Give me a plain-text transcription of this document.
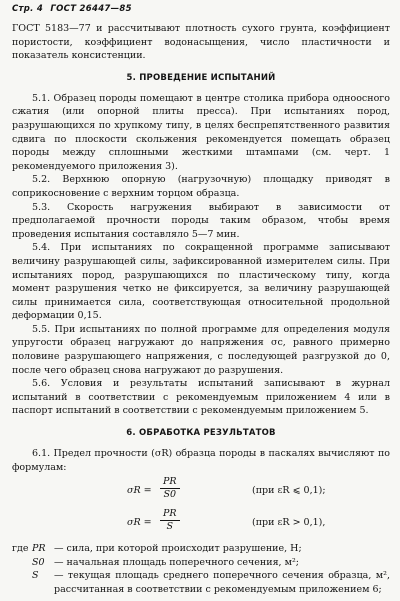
Стр. 4 ГОСТ 26447—85

ГОСТ 5183—77 и рассчитывают плотность сухого грунта, коэффициент пористости, коэффициент водонасыщения, число пластичности и показатель консистенции.

5. ПРОВЕДЕНИЕ ИСПЫТАНИЙ

5.1. Образец породы помещают в центре столика прибора одноосного сжатия (или опорной плиты пресса). При испытаниях пород, разрушающихся по хрупкому типу, в целях беспрепятственного развития сдвига по плоскости скольжения рекомендуется помещать образец породы между сплошными жесткими штампами (см. черт. 1 рекомендуемого приложения 3).

5.2. Верхнюю опорную (нагрузочную) площадку приводят в соприкосновение с верхним торцом образца.

5.3. Скорость нагружения выбирают в зависимости от предполагаемой прочности породы таким образом, чтобы время проведения испытания составляло 5—7 мин.

5.4. При испытаниях по сокращенной программе записывают величину разрушающей силы, зафиксированной измерителем силы. При испытаниях пород, разрушающихся по пластическому типу, когда момент разрушения четко не фиксируется, за величину разрушающей силы принимается сила, соответствующая относительной продольной деформации 0,15.

5.5. При испытаниях по полной программе для определения модуля упругости образец нагружают до напряжения σc, равного примерно половине разрушающего напряжения, с последующей разгрузкой до 0, после чего образец снова нагружают до разрушения.

5.6. Условия и результаты испытаний записывают в журнал испытаний в соответствии с рекомендуемым приложением 4 или в паспорт испытаний в соответствии с рекомендуемым приложением 5.

6. ОБРАБОТКА РЕЗУЛЬТАТОВ

6.1. Предел прочности (σR) образца породы в паскалях вычисляют по формулам:

$\sigma R = \frac{PR}{S0}$	(при εR ⩽ 0,1);
$\sigma R = \frac{PR}{S}$	(при εR > 0,1),
где PR — сила, при которой происходит разрушение, Н;
S0 — начальная площадь поперечного сечения, м²;
S — текущая площадь среднего поперечного сечения образца, м², рассчитанная в соответствии с рекомендуемым приложением 6;
